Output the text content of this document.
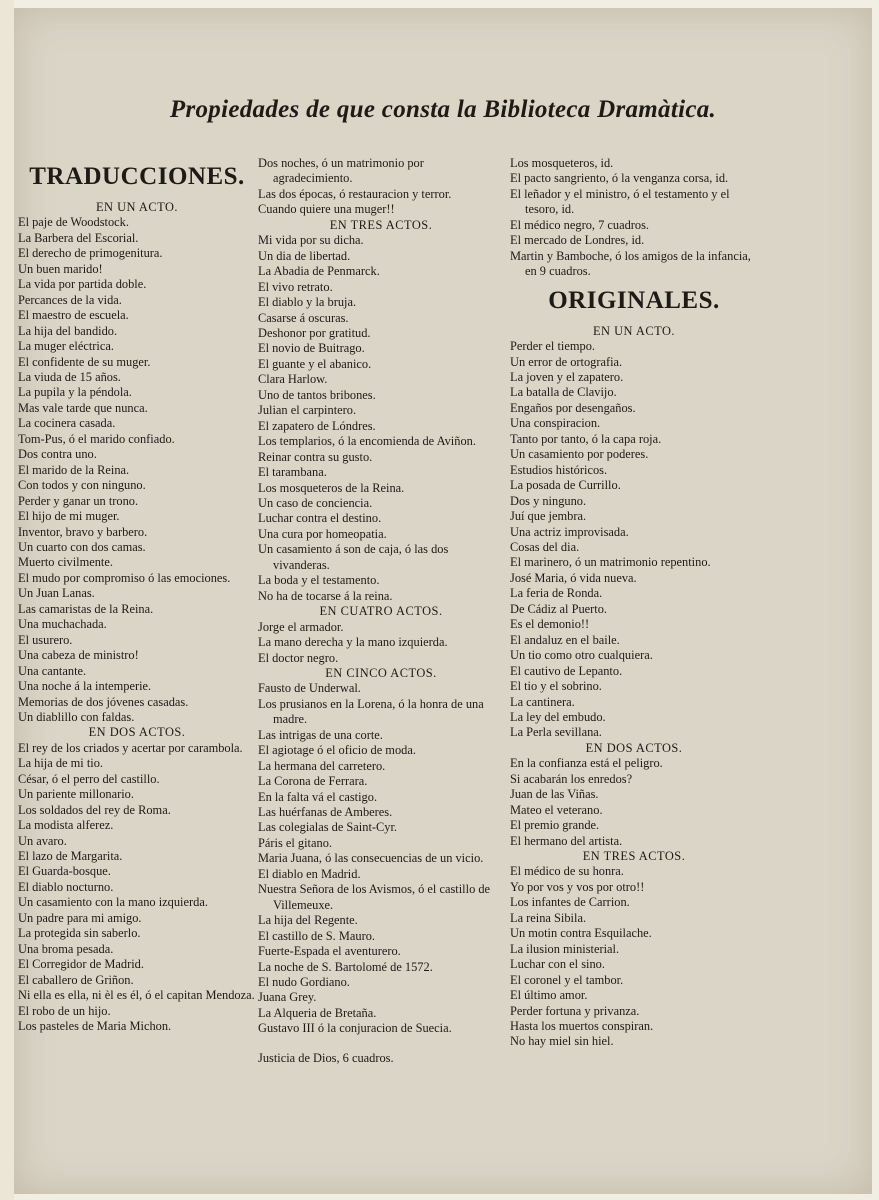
Propiedades de que consta la Biblioteca Dramàtica.
TRADUCCIONES.
EN UN ACTO.
El paje de Woodstock.
La Barbera del Escorial.
El derecho de primogenitura.
Un buen marido!
La vida por partida doble.
Percances de la vida.
El maestro de escuela.
La hija del bandido.
La muger eléctrica.
El confidente de su muger.
La viuda de 15 años.
La pupila y la péndola.
Mas vale tarde que nunca.
La cocinera casada.
Tom-Pus, ó el marido confiado.
Dos contra uno.
El marido de la Reina.
Con todos y con ninguno.
Perder y ganar un trono.
El hijo de mi muger.
Inventor, bravo y barbero.
Un cuarto con dos camas.
Muerto civilmente.
El mudo por compromiso ó las emociones.
Un Juan Lanas.
Las camaristas de la Reina.
Una muchachada.
El usurero.
Una cabeza de ministro!
Una cantante.
Una noche á la intemperie.
Memorias de dos jóvenes casadas.
Un diablillo con faldas.
EN DOS ACTOS.
El rey de los criados y acertar por carambola.
La hija de mi tio.
César, ó el perro del castillo.
Un pariente millonario.
Los soldados del rey de Roma.
La modista alferez.
Un avaro.
El lazo de Margarita.
El Guarda-bosque.
El diablo nocturno.
Un casamiento con la mano izquierda.
Un padre para mi amigo.
La protegida sin saberlo.
Una broma pesada.
El Corregidor de Madrid.
El caballero de Griñon.
Ni ella es ella, ni èl es él, ó el capitan Mendoza.
El robo de un hijo.
Los pasteles de Maria Michon.
Dos noches, ó un matrimonio por agradecimiento.
Las dos épocas, ó restauracion y terror.
Cuando quiere una muger!!
EN TRES ACTOS.
Mi vida por su dicha.
Un dia de libertad.
La Abadia de Penmarck.
El vivo retrato.
El diablo y la bruja.
Casarse á oscuras.
Deshonor por gratitud.
El novio de Buitrago.
El guante y el abanico.
Clara Harlow.
Uno de tantos bribones.
Julian el carpintero.
El zapatero de Lóndres.
Los templarios, ó la encomienda de Aviñon.
Reinar contra su gusto.
El tarambana.
Los mosqueteros de la Reina.
Un caso de conciencia.
Luchar contra el destino.
Una cura por homeopatia.
Un casamiento á son de caja, ó las dos vivanderas.
La boda y el testamento.
No ha de tocarse á la reina.
EN CUATRO ACTOS.
Jorge el armador.
La mano derecha y la mano izquierda.
El doctor negro.
EN CINCO ACTOS.
Fausto de Underwal.
Los prusianos en la Lorena, ó la honra de una madre.
Las intrigas de una corte.
El agiotage ó el oficio de moda.
La hermana del carretero.
La Corona de Ferrara.
En la falta vá el castigo.
Las huérfanas de Amberes.
Las colegialas de Saint-Cyr.
Páris el gitano.
Maria Juana, ó las consecuencias de un vicio.
El diablo en Madrid.
Nuestra Señora de los Avismos, ó el castillo de Villemeuxe.
La hija del Regente.
El castillo de S. Mauro.
Fuerte-Espada el aventurero.
La noche de S. Bartolomé de 1572.
El nudo Gordiano.
Juana Grey.
La Alqueria de Bretaña.
Gustavo III ó la conjuracion de Suecia.
Justicia de Dios, 6 cuadros.
Los mosqueteros, id.
El pacto sangriento, ó la venganza corsa, id.
El leñador y el ministro, ó el testamento y el tesoro, id.
El médico negro, 7 cuadros.
El mercado de Londres, id.
Martin y Bamboche, ó los amigos de la infancia, en 9 cuadros.
ORIGINALES.
EN UN ACTO.
Perder el tiempo.
Un error de ortografia.
La joven y el zapatero.
La batalla de Clavijo.
Engaños por desengaños.
Una conspiracion.
Tanto por tanto, ó la capa roja.
Un casamiento por poderes.
Estudios históricos.
La posada de Currillo.
Dos y ninguno.
Juí que jembra.
Una actriz improvisada.
Cosas del dia.
El marinero, ó un matrimonio repentino.
José Maria, ó vida nueva.
La feria de Ronda.
De Cádiz al Puerto.
Es el demonio!!
El andaluz en el baile.
Un tio como otro cualquiera.
El cautivo de Lepanto.
El tio y el sobrino.
La cantinera.
La ley del embudo.
La Perla sevillana.
EN DOS ACTOS.
En la confianza está el peligro.
Si acabarán los enredos?
Juan de las Viñas.
Mateo el veterano.
El premio grande.
El hermano del artista.
EN TRES ACTOS.
El médico de su honra.
Yo por vos y vos por otro!!
Los infantes de Carrion.
La reina Sibila.
Un motin contra Esquilache.
La ilusion ministerial.
Luchar con el sino.
El coronel y el tambor.
El último amor.
Perder fortuna y privanza.
Hasta los muertos conspiran.
No hay miel sin hiel.
